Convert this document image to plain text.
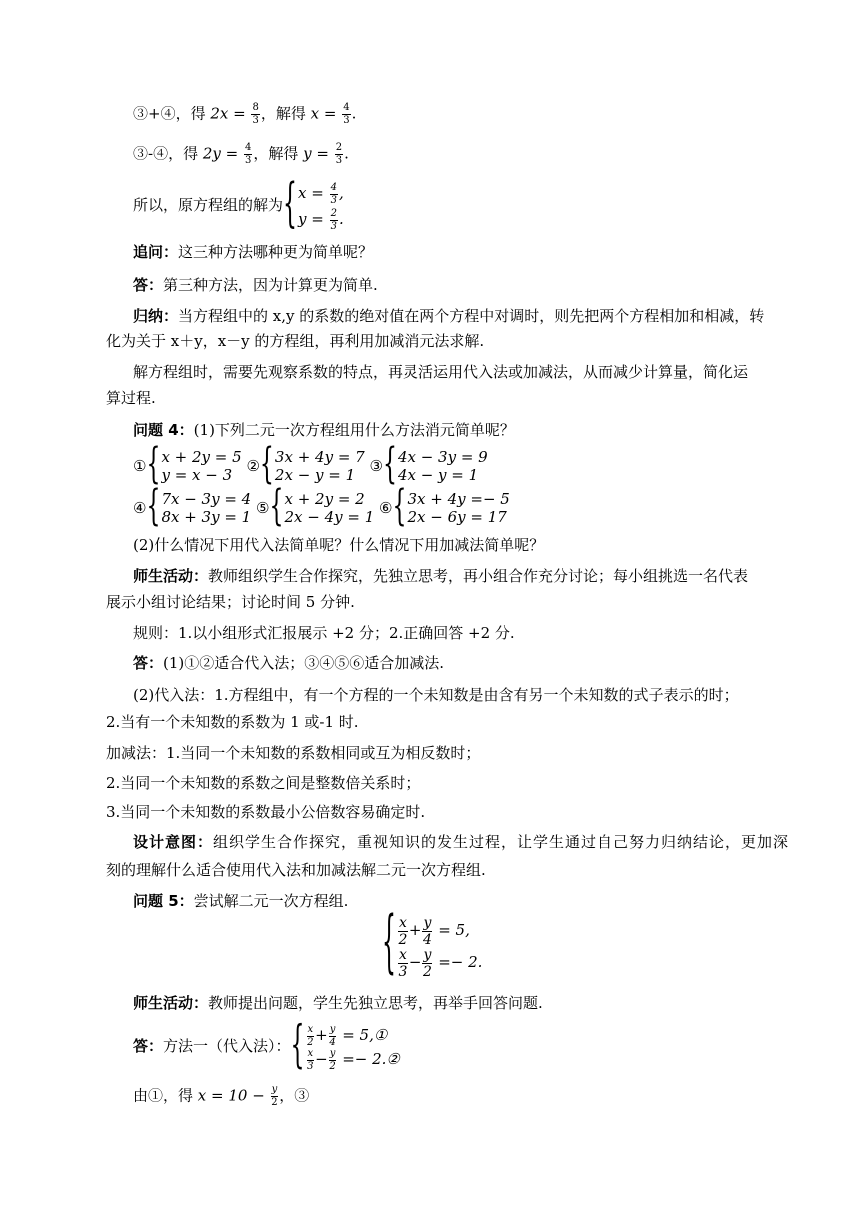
③+④，得 $2x = \frac{8}{3}$ ，解得 $x = \frac{4}{3}$ .
③-④，得 $2y = \frac{4}{3}$ ，解得 $y = \frac{2}{3}$ .
所以，原方程组的解为 { $x = \frac{4}{3}$ ,
$y = \frac{2}{3}$ .
追问：这三种方法哪种更为简单呢？
答：第三种方法，因为计算更为简单.
归纳：当方程组中的 x,y 的系数的绝对值在两个方程中对调时，则先把两个方程相加和相减，转
化为关于 x＋y，x－y 的方程组，再利用加减消元法求解.
解方程组时，需要先观察系数的特点，再灵活运用代入法或加减法，从而减少计算量，简化运
算过程.
问题 4：(1)下列二元一次方程组用什么方法消元简单呢？
① { x + 2y = 5
y = x − 3
② { 3x + 4y = 7
2x − y = 1
③ { 4x − 3y = 9
4x − y = 1
④ { 7x − 3y = 4
8x + 3y = 1
⑤ { x + 2y = 2
2x − 4y = 1
⑥ { 3x + 4y =− 5
2x − 6y = 17
(2)什么情况下用代入法简单呢？什么情况下用加减法简单呢？
师生活动：教师组织学生合作探究，先独立思考，再小组合作充分讨论；每小组挑选一名代表
展示小组讨论结果；讨论时间 5 分钟.
规则：1.以小组形式汇报展示 +2 分；2.正确回答 +2 分.
答：(1)①②适合代入法；③④⑤⑥适合加减法.
(2)代入法：1.方程组中，有一个方程的一个未知数是由含有另一个未知数的式子表示的时；
2.当有一个未知数的系数为 1 或-1 时.
加减法：1.当同一个未知数的系数相同或互为相反数时；
2.当同一个未知数的系数之间是整数倍关系时；
3.当同一个未知数的系数最小公倍数容易确定时.
设计意图：组织学生合作探究，重视知识的发生过程，让学生通过自己努力归纳结论，更加深
刻的理解什么适合使用代入法和加减法解二元一次方程组.
问题 5：尝试解二元一次方程组.
{ $\frac{x}{2} + \frac{y}{4} = 5$,
$\frac{x}{3} - \frac{y}{2} =- 2$.
师生活动：教师提出问题，学生先独立思考，再举手回答问题.
答：方法一（代入法）： { $\frac{x}{2} + \frac{y}{4}$ = 5,①
$\frac{x}{3} - \frac{y}{2}$ =− 2.②
由①，得 $x = 10 - \frac{y}{2}$ ，③
